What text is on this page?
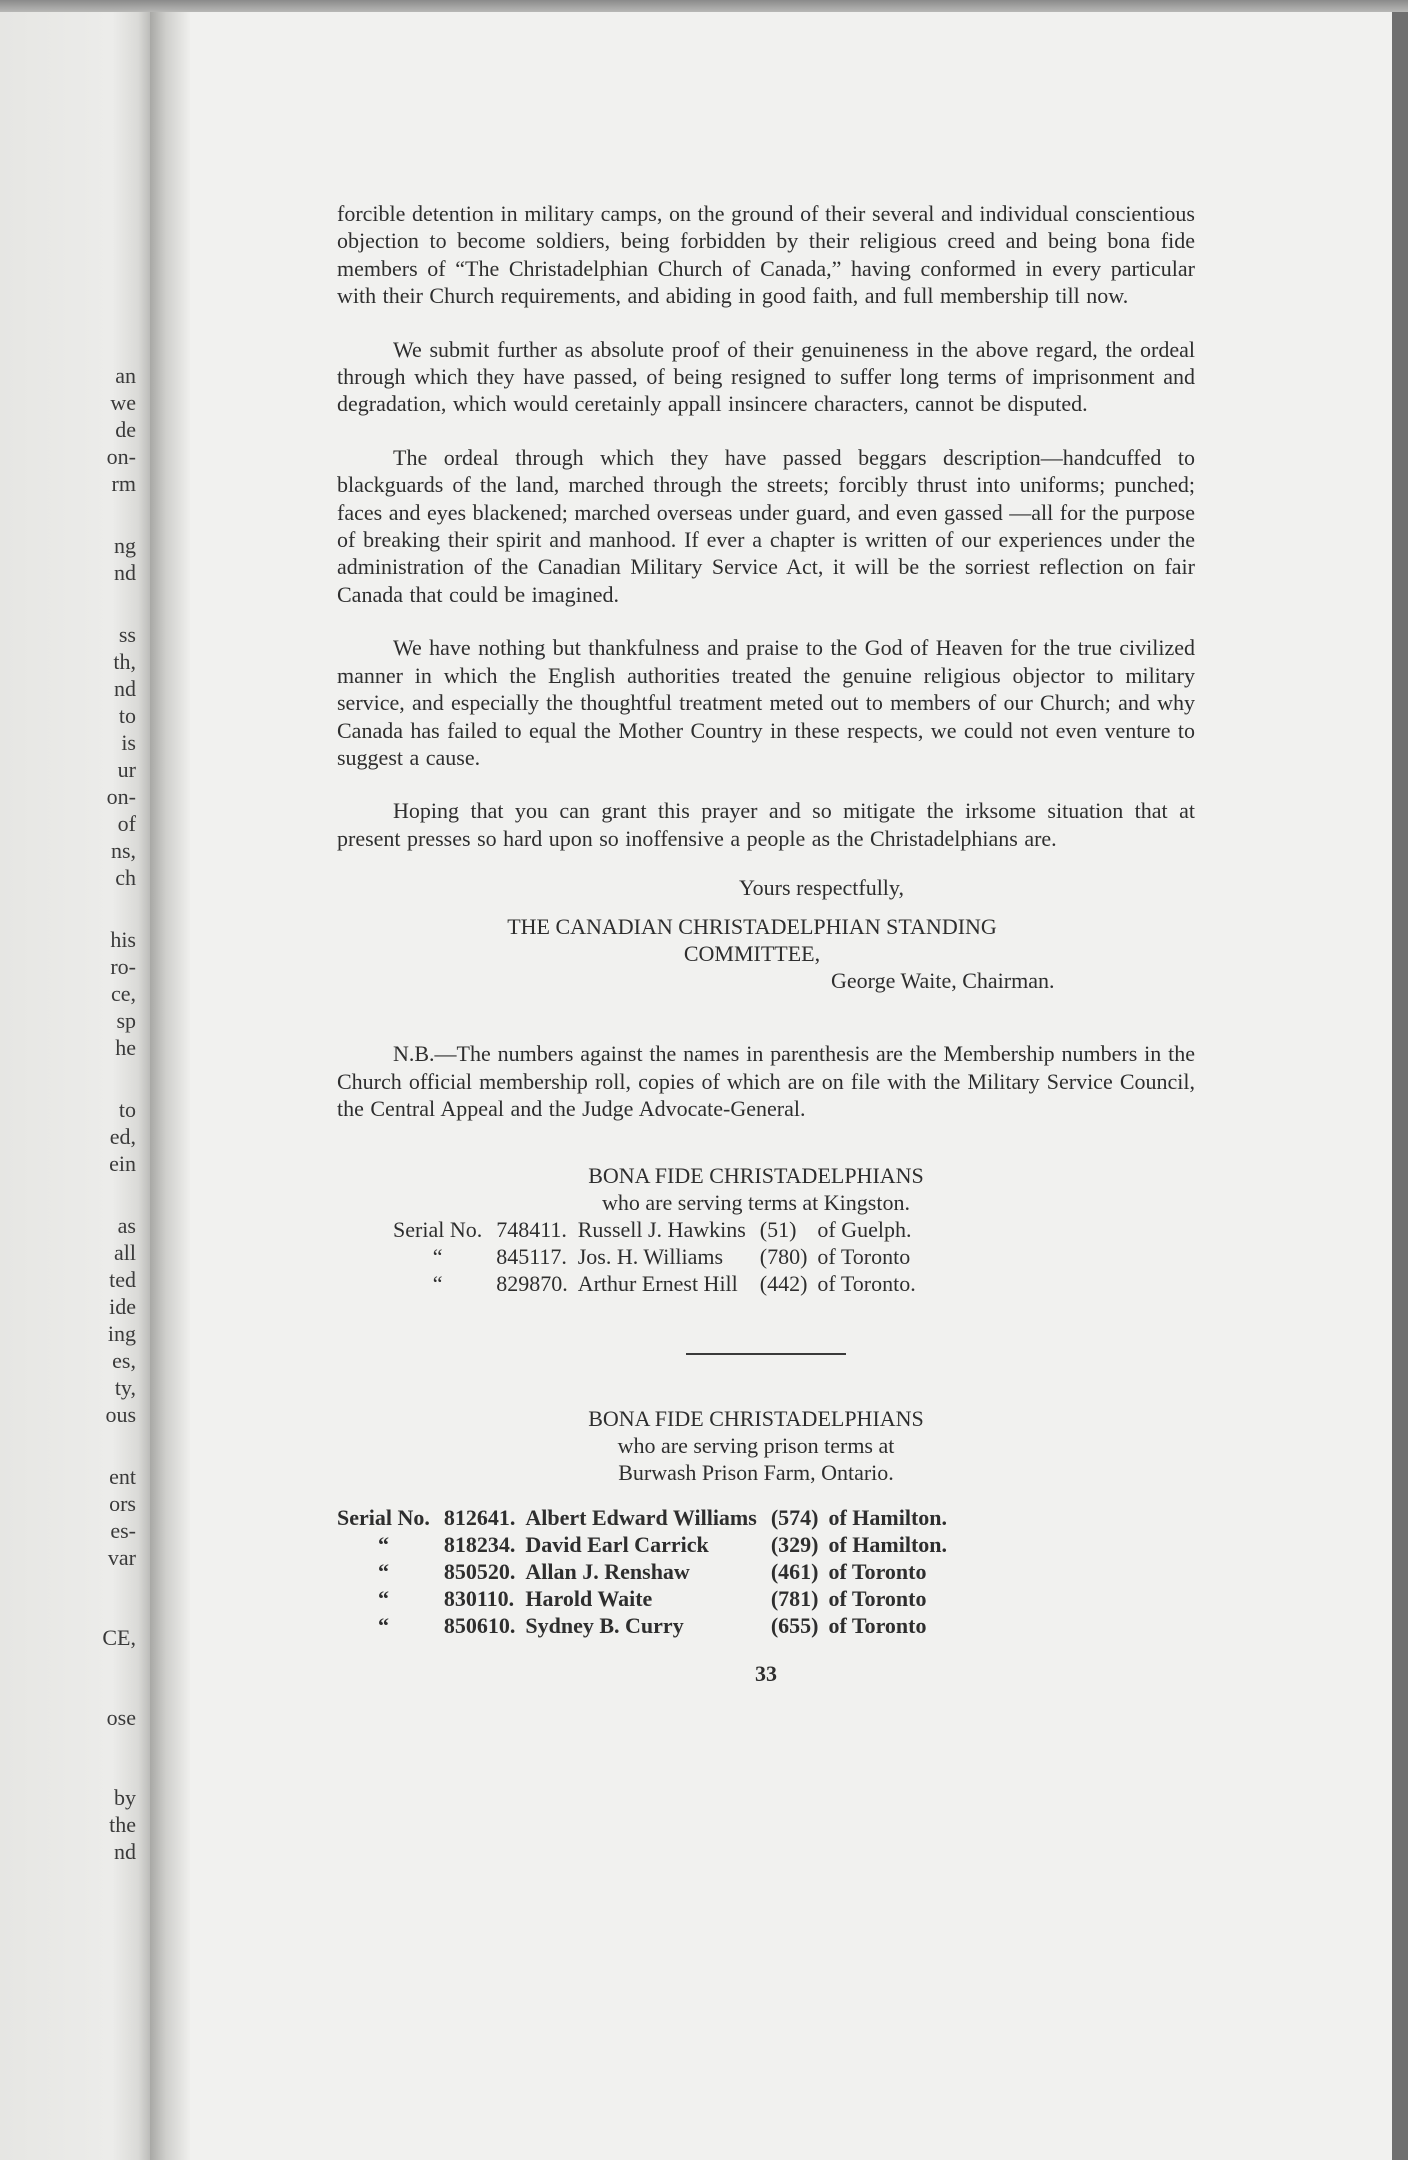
an
we
de
on-
rm
ng
nd
ss
th,
nd
to
is
ur
on-
of
ns,
ch
his
ro-
ce,
sp
he
to
ed,
ein
as
all
ted
ide
ing
es,
ty,
ous
ent
ors
es-
var
CE,
ose
by
the
nd

forcible detention in military camps, on the ground of their several and individual conscientious objection to become soldiers, being forbidden by their religious creed and being bona fide members of “The Christadelphian Church of Canada,” having conformed in every particular with their Church requirements, and abiding in good faith, and full membership till now.

We submit further as absolute proof of their genuineness in the above regard, the ordeal through which they have passed, of being resigned to suffer long terms of imprisonment and degradation, which would ceretainly appall insincere characters, cannot be disputed.

The ordeal through which they have passed beggars description—handcuffed to blackguards of the land, marched through the streets; forcibly thrust into uniforms; punched; faces and eyes blackened; marched overseas under guard, and even gassed —all for the purpose of breaking their spirit and manhood. If ever a chapter is written of our experiences under the administration of the Canadian Military Service Act, it will be the sorriest reflection on fair Canada that could be imagined.

We have nothing but thankfulness and praise to the God of Heaven for the true civilized manner in which the English authorities treated the genuine religious objector to military service, and especially the thoughtful treatment meted out to members of our Church; and why Canada has failed to equal the Mother Country in these respects, we could not even venture to suggest a cause.

Hoping that you can grant this prayer and so mitigate the irksome situation that at present presses so hard upon so inoffensive a people as the Christadelphians are.

Yours respectfully,
THE CANADIAN CHRISTADELPHIAN STANDING
COMMITTEE,
George Waite, Chairman.

N.B.—The numbers against the names in parenthesis are the Membership numbers in the Church official membership roll, copies of which are on file with the Military Service Council, the Central Appeal and the Judge Advocate-General.

BONA FIDE CHRISTADELPHIANS
who are serving terms at Kingston.
Serial No.	748411.	Russell J. Hawkins	(51)	of Guelph.
“	845117.	Jos. H. Williams	(780)	of Toronto
“	829870.	Arthur Ernest Hill	(442)	of Toronto.
BONA FIDE CHRISTADELPHIANS
who are serving prison terms at
Burwash Prison Farm, Ontario.
Serial No.	812641.	Albert Edward Williams	(574)	of Hamilton.
“	818234.	David Earl Carrick	(329)	of Hamilton.
“	850520.	Allan J. Renshaw	(461)	of Toronto
“	830110.	Harold Waite	(781)	of Toronto
“	850610.	Sydney B. Curry	(655)	of Toronto
33
